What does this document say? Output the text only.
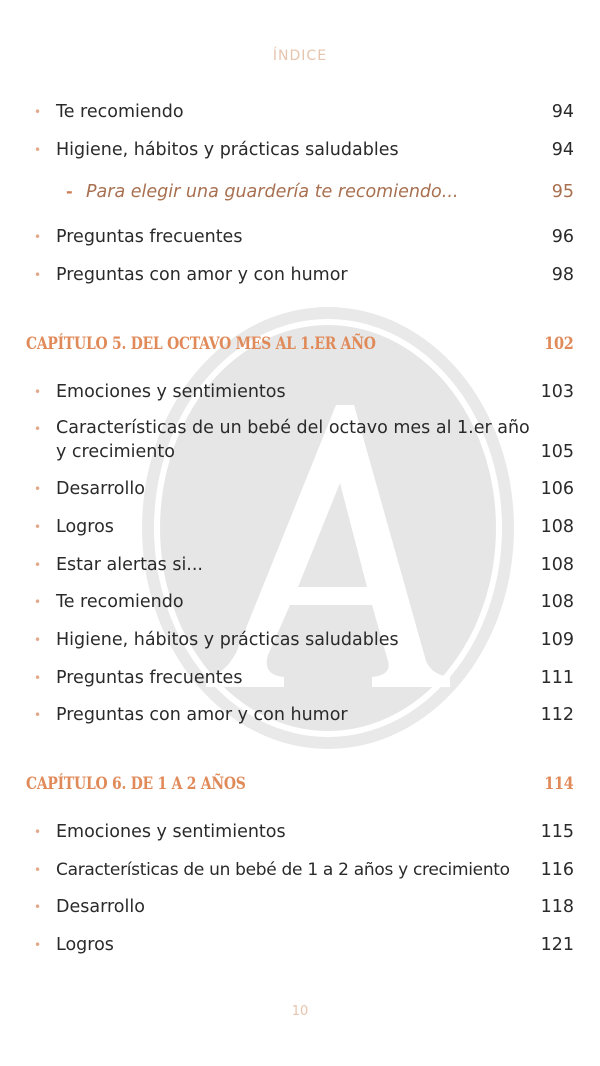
ÍNDICE
• Te recomiendo	94
• Higiene, hábitos y prácticas saludables	94
- Para elegir una guardería te recomiendo...	95
• Preguntas frecuentes	96
• Preguntas con amor y con humor	98
CAPÍTULO 5. DEL OCTAVO MES AL 1.ER AÑO	102
• Emociones y sentimientos	103
• Características de un bebé del octavo mes al 1.er año
y crecimiento	105
• Desarrollo	106
• Logros	108
• Estar alertas si...	108
• Te recomiendo	108
• Higiene, hábitos y prácticas saludables	109
• Preguntas frecuentes	111
• Preguntas con amor y con humor	112
CAPÍTULO 6. DE 1 A 2 AÑOS	114
• Emociones y sentimientos	115
• Características de un bebé de 1 a 2 años y crecimiento	116
• Desarrollo	118
• Logros	121
10
